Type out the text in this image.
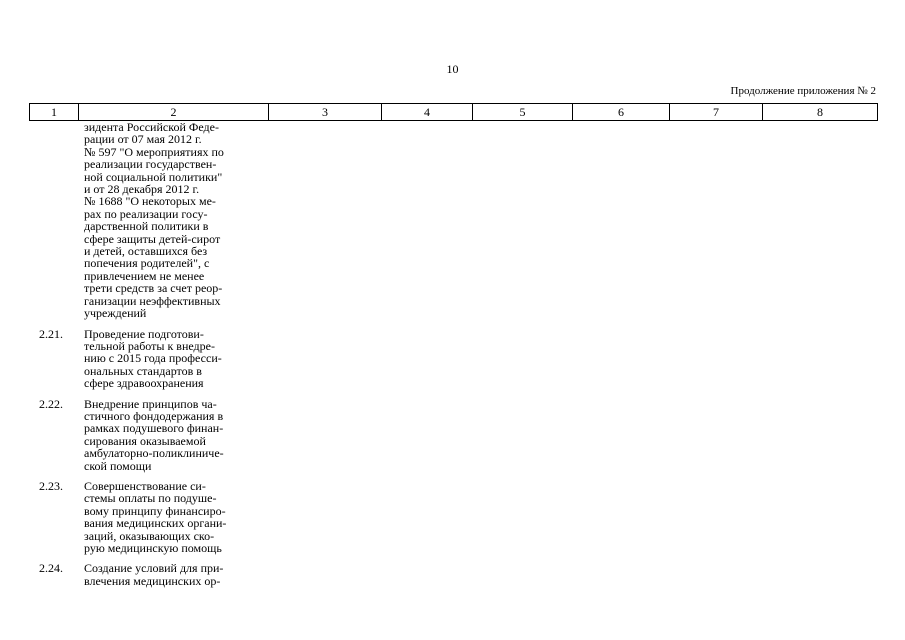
10
Продолжение приложения № 2
1	2	3	4	5	6	7	8
зидента Российской Феде-
рации от 07 мая 2012 г.
№ 597 "О мероприятиях по
реализации государствен-
ной социальной политики"
и от 28 декабря 2012 г.
№ 1688 "О некоторых ме-
рах по реализации госу-
дарственной политики в
сфере защиты детей-сирот
и детей, оставшихся без
попечения родителей", с
привлечением не менее
трети средств за счет реор-
ганизации неэффективных
учреждений
2.21. Проведение подготови-
тельной работы к внедре-
нию с 2015 года професси-
ональных стандартов в
сфере здравоохранения
2.22. Внедрение принципов ча-
стичного фондодержания в
рамках подушевого финан-
сирования оказываемой
амбулаторно-поликлиниче-
ской помощи
2.23. Совершенствование си-
стемы оплаты по подуше-
вому принципу финансиро-
вания медицинских органи-
заций, оказывающих ско-
рую медицинскую помощь
2.24. Создание условий для при-
влечения медицинских ор-
